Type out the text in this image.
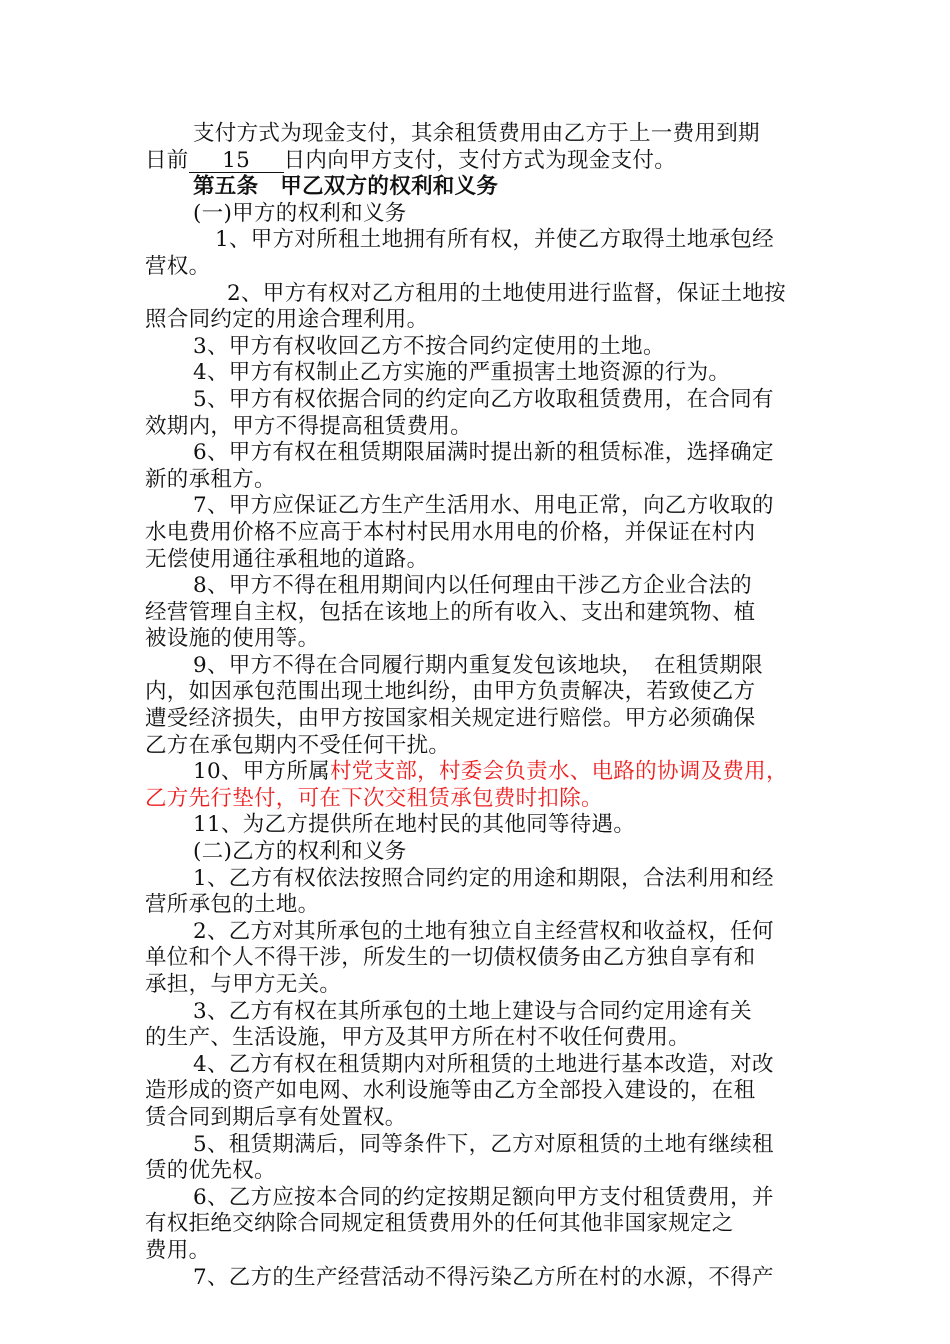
支付方式为现金支付，其余租赁费用由乙方于上一费用到期
日前 15 日内向甲方支付，支付方式为现金支付。
第五条　甲乙双方的权利和义务
(一)甲方的权利和义务
1、甲方对所租土地拥有所有权，并使乙方取得土地承包经
营权。
2、甲方有权对乙方租用的土地使用进行监督，保证土地按
照合同约定的用途合理利用。
3、甲方有权收回乙方不按合同约定使用的土地。
4、甲方有权制止乙方实施的严重损害土地资源的行为。
5、甲方有权依据合同的约定向乙方收取租赁费用，在合同有
效期内，甲方不得提高租赁费用。
6、甲方有权在租赁期限届满时提出新的租赁标准，选择确定
新的承租方。
7、甲方应保证乙方生产生活用水、用电正常，向乙方收取的
水电费用价格不应高于本村村民用水用电的价格，并保证在村内
无偿使用通往承租地的道路。
8、甲方不得在租用期间内以任何理由干涉乙方企业合法的
经营管理自主权，包括在该地上的所有收入、支出和建筑物、植
被设施的使用等。
9、甲方不得在合同履行期内重复发包该地块，　在租赁期限
内，如因承包范围出现土地纠纷，由甲方负责解决，若致使乙方
遭受经济损失，由甲方按国家相关规定进行赔偿。甲方必须确保
乙方在承包期内不受任何干扰。
10、甲方所属村党支部，村委会负责水、电路的协调及费用，
乙方先行垫付，可在下次交租赁承包费时扣除。
11、为乙方提供所在地村民的其他同等待遇。
(二)乙方的权利和义务
1、乙方有权依法按照合同约定的用途和期限，合法利用和经
营所承包的土地。
2、乙方对其所承包的土地有独立自主经营权和收益权，任何
单位和个人不得干涉，所发生的一切债权债务由乙方独自享有和
承担，与甲方无关。
3、乙方有权在其所承包的土地上建设与合同约定用途有关
的生产、生活设施，甲方及其甲方所在村不收任何费用。
4、乙方有权在租赁期内对所租赁的土地进行基本改造，对改
造形成的资产如电网、水利设施等由乙方全部投入建设的，在租
赁合同到期后享有处置权。
5、租赁期满后，同等条件下，乙方对原租赁的土地有继续租
赁的优先权。
6、乙方应按本合同的约定按期足额向甲方支付租赁费用，并
有权拒绝交纳除合同规定租赁费用外的任何其他非国家规定之
费用。
7、乙方的生产经营活动不得污染乙方所在村的水源，不得产
